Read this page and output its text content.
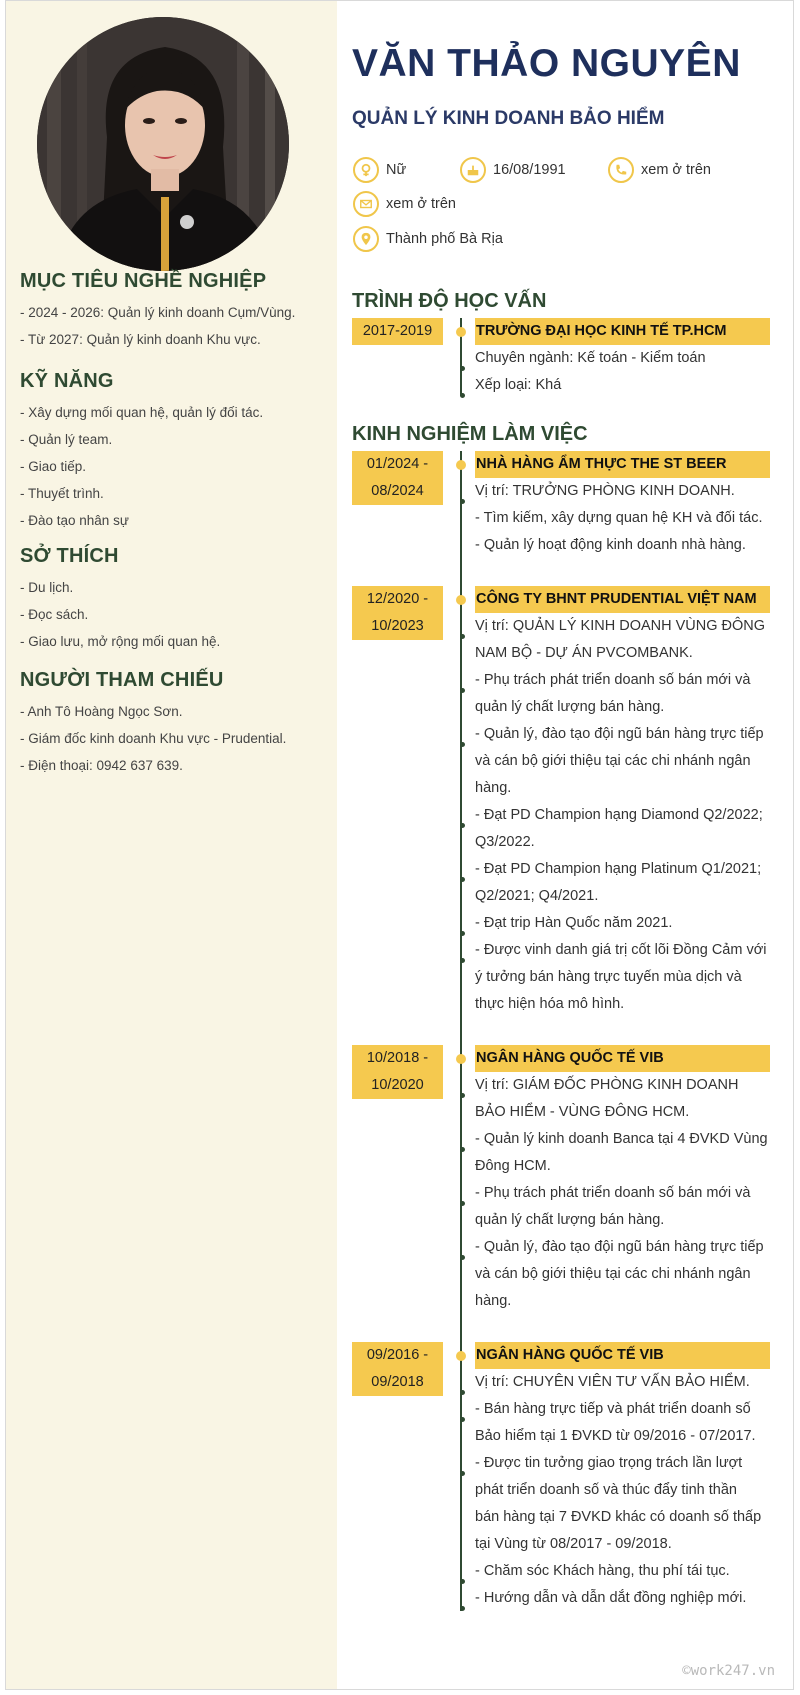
MỤC TIÊU NGHỀ NGHIỆP
- 2024 - 2026: Quản lý kinh doanh Cụm/Vùng.
- Từ 2027: Quản lý kinh doanh Khu vực.
KỸ NĂNG
- Xây dựng mối quan hệ, quản lý đối tác.
- Quản lý team.
- Giao tiếp.
- Thuyết trình.
- Đào tạo nhân sự
SỞ THÍCH
- Du lịch.
- Đọc sách.
- Giao lưu, mở rộng mối quan hệ.
NGƯỜI THAM CHIẾU
- Anh Tô Hoàng Ngọc Sơn.
- Giám đốc kinh doanh Khu vực - Prudential.
- Điện thoại: 0942 637 639.
VĂN THẢO NGUYÊN
QUẢN LÝ KINH DOANH BẢO HIỂM
Nữ	16/08/1991	xem ở trên
xem ở trên
Thành phố Bà Rịa
TRÌNH ĐỘ HỌC VẤN
2017-2019	TRƯỜNG ĐẠI HỌC KINH TẾ TP.HCM
Chuyên ngành: Kế toán - Kiểm toán
Xếp loại: Khá
KINH NGHIỆM LÀM VIỆC
01/2024 -
08/2024
NHÀ HÀNG ẨM THỰC THE ST BEER
Vị trí: TRƯỞNG PHÒNG KINH DOANH.
- Tìm kiếm, xây dựng quan hệ KH và đối tác.
- Quản lý hoạt động kinh doanh nhà hàng.
12/2020 -
10/2023
CÔNG TY BHNT PRUDENTIAL VIỆT NAM
Vị trí: QUẢN LÝ KINH DOANH VÙNG ĐÔNG
NAM BỘ - DỰ ÁN PVCOMBANK.
- Phụ trách phát triển doanh số bán mới và
quản lý chất lượng bán hàng.
- Quản lý, đào tạo đội ngũ bán hàng trực tiếp
và cán bộ giới thiệu tại các chi nhánh ngân
hàng.
- Đạt PD Champion hạng Diamond Q2/2022;
Q3/2022.
- Đạt PD Champion hạng Platinum Q1/2021;
Q2/2021; Q4/2021.
- Đạt trip Hàn Quốc năm 2021.
- Được vinh danh giá trị cốt lõi Đồng Cảm với
ý tưởng bán hàng trực tuyến mùa dịch và
thực hiện hóa mô hình.
10/2018 -
10/2020
NGÂN HÀNG QUỐC TẾ VIB
Vị trí: GIÁM ĐỐC PHÒNG KINH DOANH
BẢO HIỂM - VÙNG ĐÔNG HCM.
- Quản lý kinh doanh Banca tại 4 ĐVKD Vùng
Đông HCM.
- Phụ trách phát triển doanh số bán mới và
quản lý chất lượng bán hàng.
- Quản lý, đào tạo đội ngũ bán hàng trực tiếp
và cán bộ giới thiệu tại các chi nhánh ngân
hàng.
09/2016 -
09/2018
NGÂN HÀNG QUỐC TẾ VIB
Vị trí: CHUYÊN VIÊN TƯ VẤN BẢO HIỂM.
- Bán hàng trực tiếp và phát triển doanh số
Bảo hiểm tại 1 ĐVKD từ 09/2016 - 07/2017.
- Được tin tưởng giao trọng trách lần lượt
phát triển doanh số và thúc đẩy tinh thần
bán hàng tại 7 ĐVKD khác có doanh số thấp
tại Vùng từ 08/2017 - 09/2018.
- Chăm sóc Khách hàng, thu phí tái tục.
- Hướng dẫn và dẫn dắt đồng nghiệp mới.
©work247.vn
